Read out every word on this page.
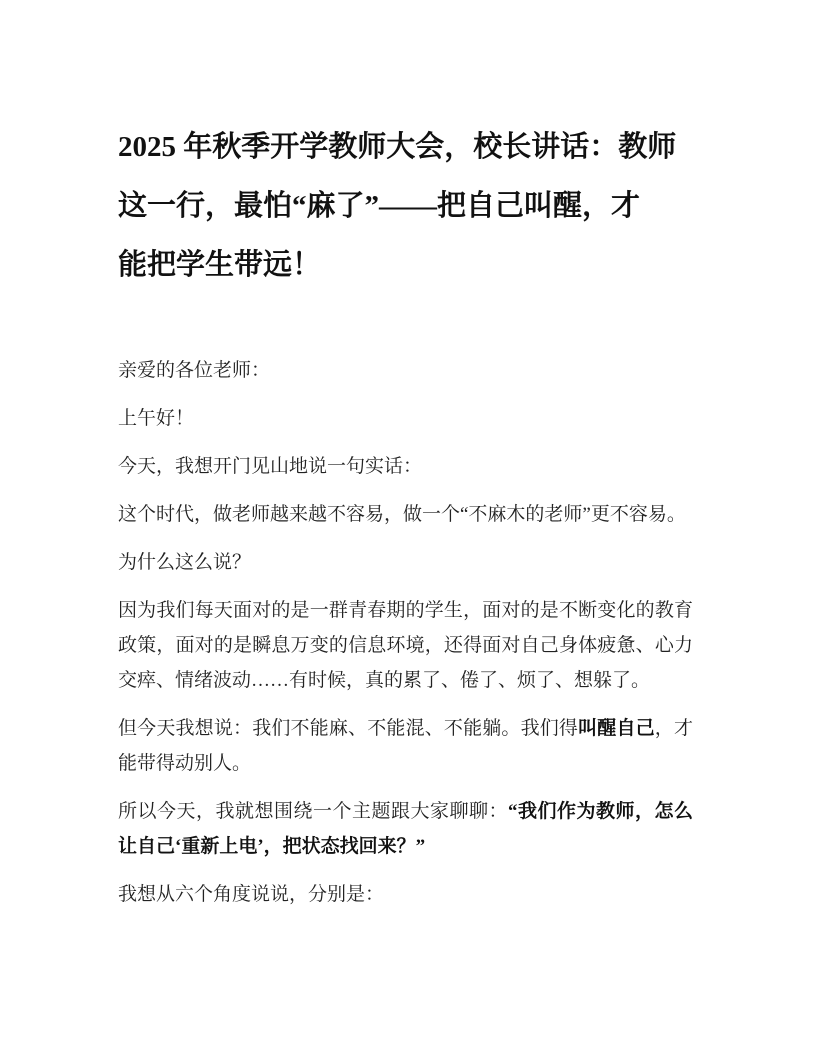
2025 年秋季开学教师大会，校长讲话：教师
这一行，最怕“麻了”——把自己叫醒，才
能把学生带远！

亲爱的各位老师：

上午好！

今天，我想开门见山地说一句实话：

这个时代，做老师越来越不容易，做一个“不麻木的老师”更不容易。

为什么这么说？

因为我们每天面对的是一群青春期的学生，面对的是不断变化的教育政策，面对的是瞬息万变的信息环境，还得面对自己身体疲惫、心力交瘁、情绪波动……有时候，真的累了、倦了、烦了、想躲了。

但今天我想说：我们不能麻、不能混、不能躺。我们得叫醒自己，才能带得动别人。

所以今天，我就想围绕一个主题跟大家聊聊：“我们作为教师，怎么让自己‘重新上电’，把状态找回来？”

我想从六个角度说说，分别是：
